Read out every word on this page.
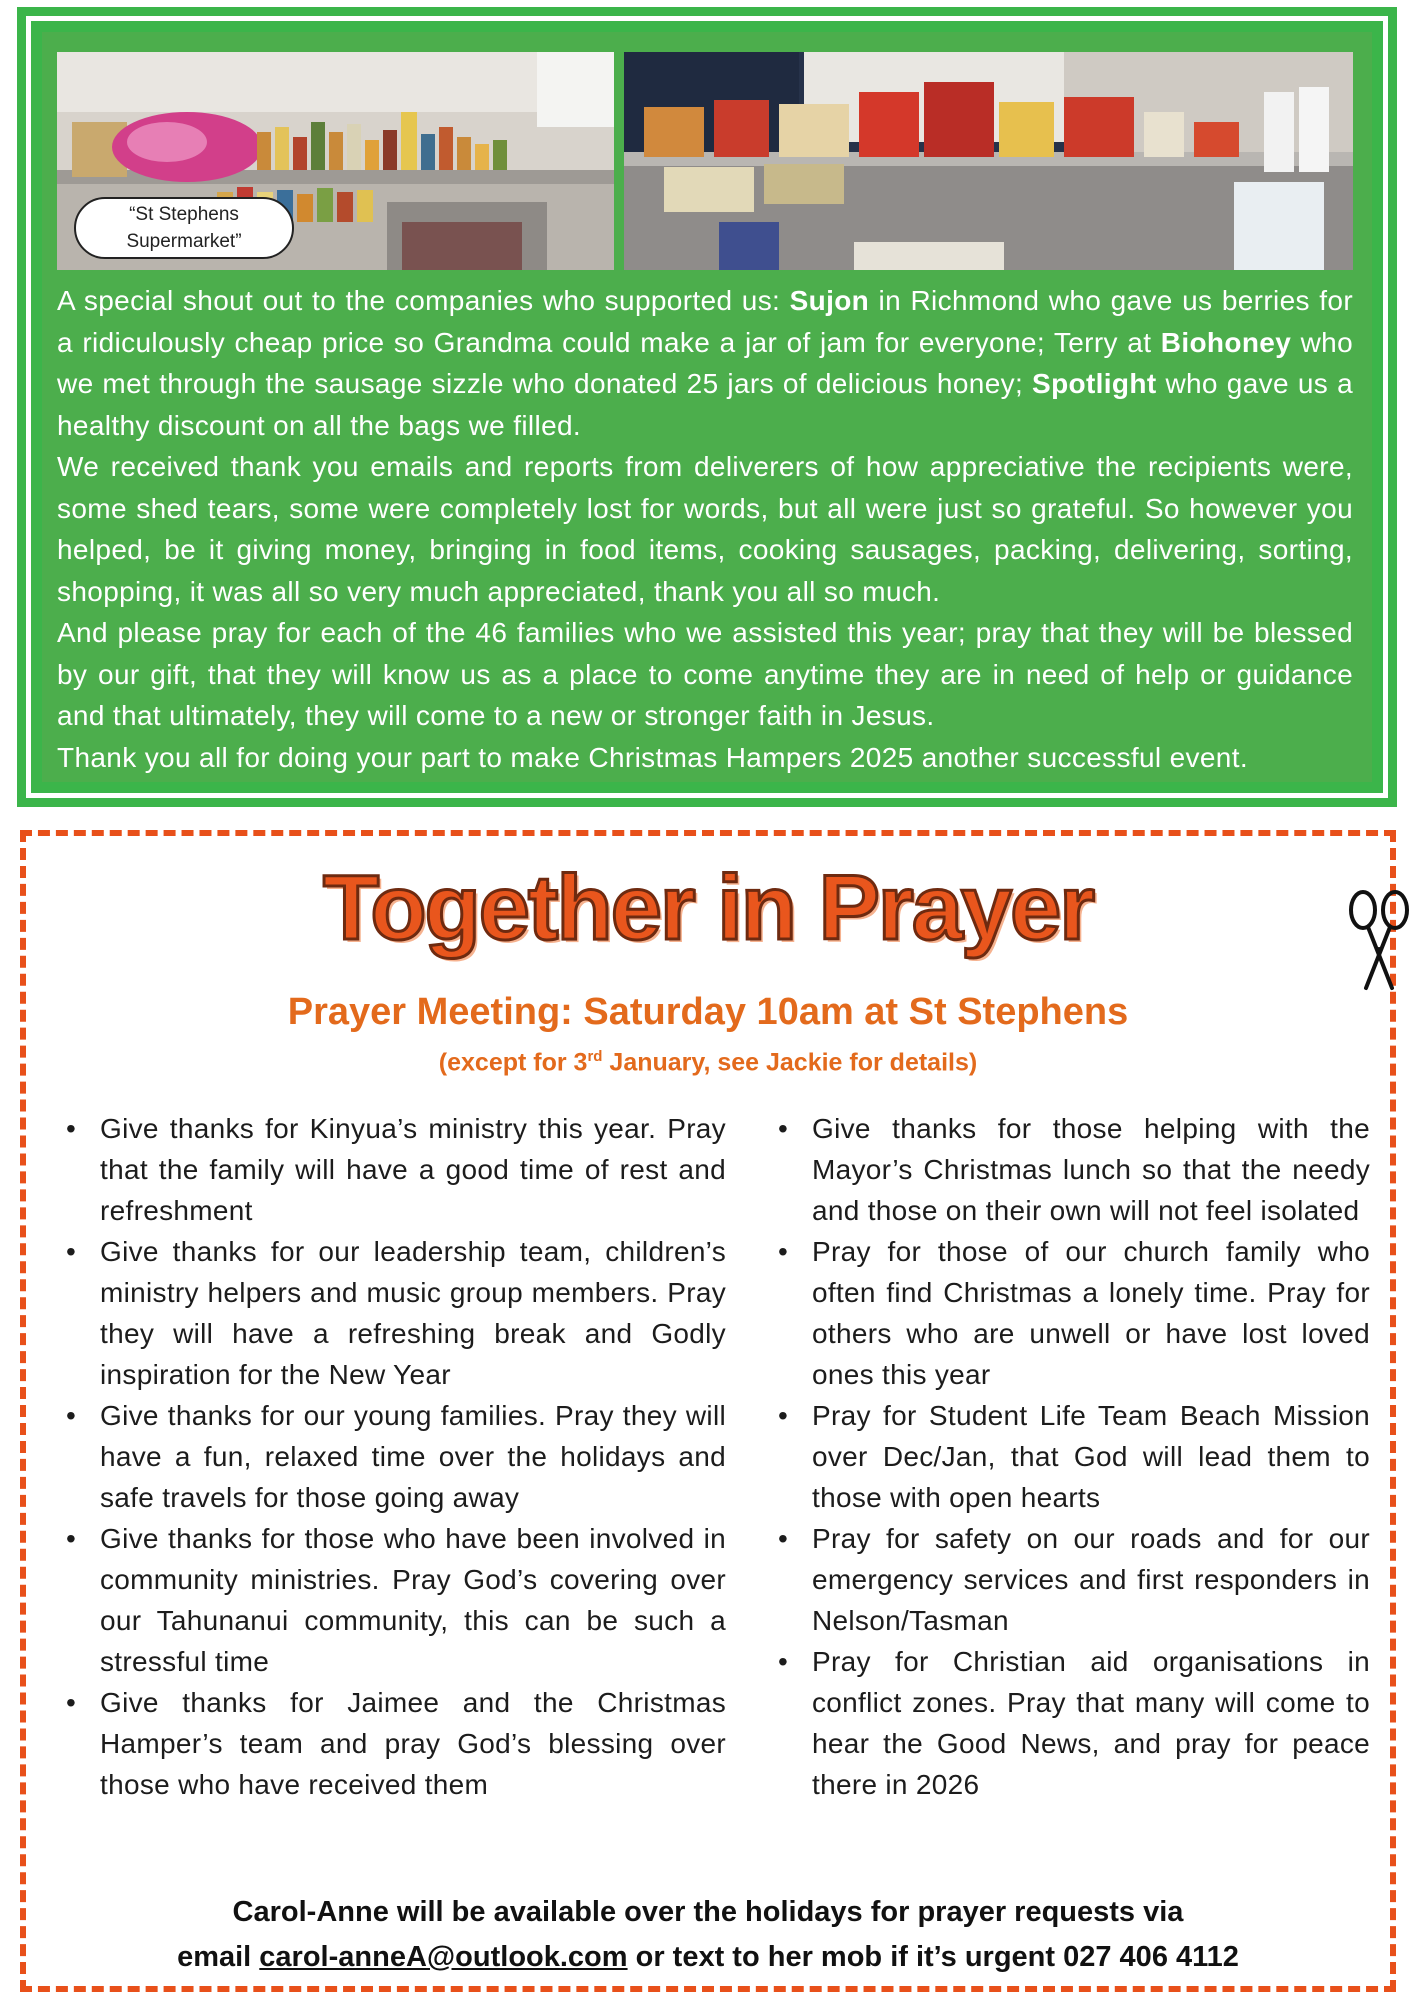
“St Stephens
Supermarket”

A special shout out to the companies who supported us: Sujon in Richmond who gave us berries for a ridiculously cheap price so Grandma could make a jar of jam for everyone; Terry at Biohoney who we met through the sausage sizzle who donated 25 jars of delicious honey; Spotlight who gave us a healthy discount on all the bags we filled.

We received thank you emails and reports from deliverers of how appreciative the recipients were, some shed tears, some were completely lost for words, but all were just so grateful. So however you helped, be it giving money, bringing in food items, cooking sausages, packing, delivering, sorting, shopping, it was all so very much appreciated, thank you all so much.

And please pray for each of the 46 families who we assisted this year; pray that they will be blessed by our gift, that they will know us as a place to come anytime they are in need of help or guidance and that ultimately, they will come to a new or stronger faith in Jesus.

Thank you all for doing your part to make Christmas Hampers 2025 another successful event.

Together in Prayer
Prayer Meeting: Saturday 10am at St Stephens
(except for 3rd January, see Jackie for details)
• Give thanks for Kinyua’s ministry this year. Pray that the family will have a good time of rest and refreshment
• Give thanks for our leadership team, children’s ministry helpers and music group members. Pray they will have a refreshing break and Godly inspiration for the New Year
• Give thanks for our young families. Pray they will have a fun, relaxed time over the holidays and safe travels for those going away
• Give thanks for those who have been involved in community ministries. Pray God’s covering over our Tahunanui community, this can be such a stressful time
• Give thanks for Jaimee and the Christmas Hamper’s team and pray God’s blessing over those who have received them
• Give thanks for those helping with the Mayor’s Christmas lunch so that the needy and those on their own will not feel isolated
• Pray for those of our church family who often find Christmas a lonely time. Pray for others who are unwell or have lost loved ones this year
• Pray for Student Life Team Beach Mission over Dec/Jan, that God will lead them to those with open hearts
• Pray for safety on our roads and for our emergency services and first responders in Nelson/Tasman
• Pray for Christian aid organisations in conflict zones. Pray that many will come to hear the Good News, and pray for peace there in 2026
Carol-Anne will be available over the holidays for prayer requests via
email carol-anneA@outlook.com or text to her mob if it’s urgent 027 406 4112
